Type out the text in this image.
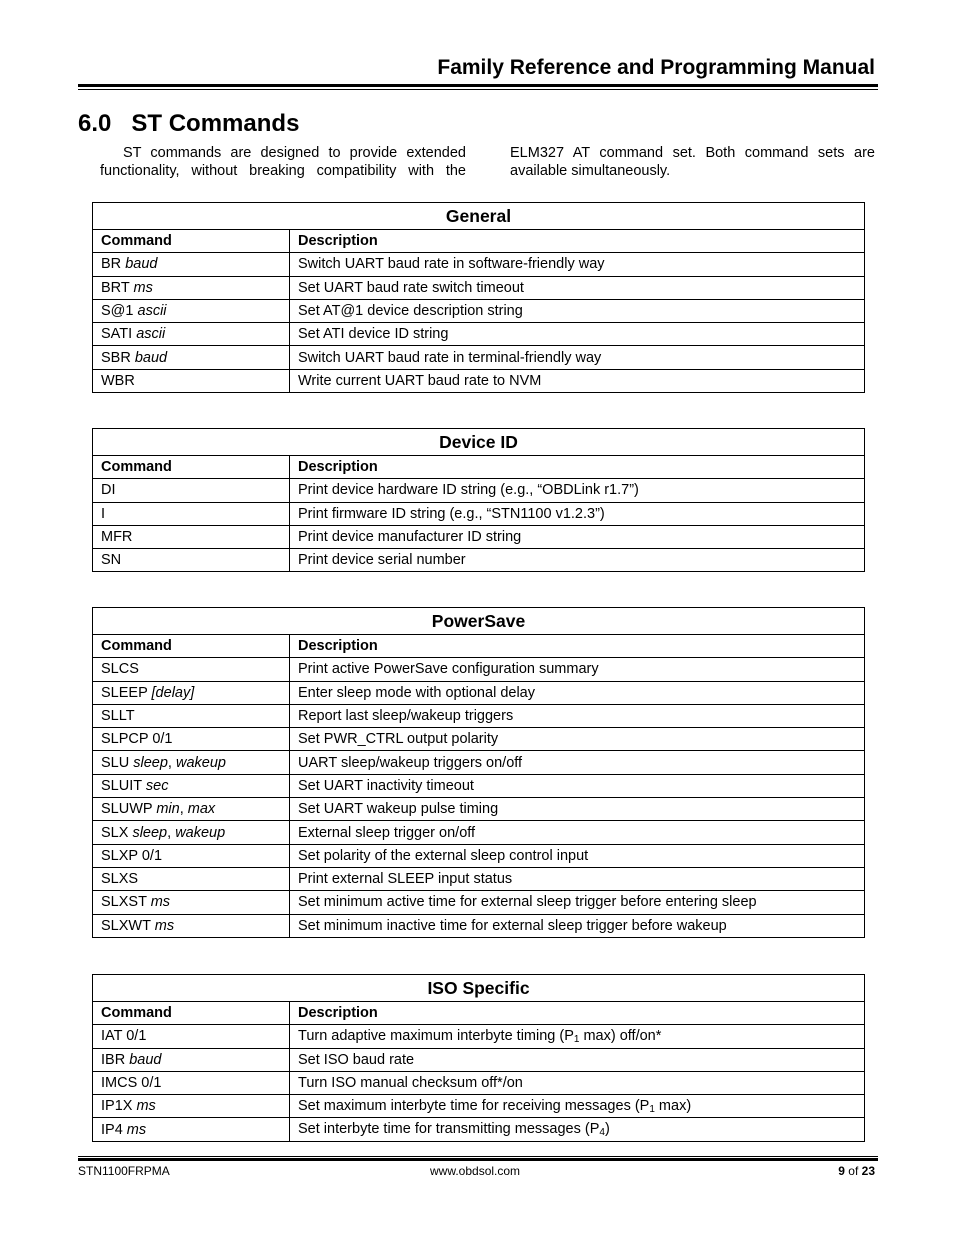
Family Reference and Programming Manual
6.0 ST Commands

ST commands are designed to provide extended

functionality, without breaking compatibility with the

ELM327 AT command set. Both command sets are

available simultaneously.

General	
Command	Description
BR baud	Switch UART baud rate in software-friendly way
BRT ms	Set UART baud rate switch timeout
S@1 ascii	Set AT@1 device description string
SATI ascii	Set ATI device ID string
SBR baud	Switch UART baud rate in terminal-friendly way
WBR	Write current UART baud rate to NVM
Device ID	
Command	Description
DI	Print device hardware ID string (e.g., “OBDLink r1.7”)
I	Print firmware ID string (e.g., “STN1100 v1.2.3”)
MFR	Print device manufacturer ID string
SN	Print device serial number
PowerSave	
Command	Description
SLCS	Print active PowerSave configuration summary
SLEEP [delay]	Enter sleep mode with optional delay
SLLT	Report last sleep/wakeup triggers
SLPCP 0/1	Set PWR_CTRL output polarity
SLU sleep, wakeup	UART sleep/wakeup triggers on/off
SLUIT sec	Set UART inactivity timeout
SLUWP min, max	Set UART wakeup pulse timing
SLX sleep, wakeup	External sleep trigger on/off
SLXP 0/1	Set polarity of the external sleep control input
SLXS	Print external SLEEP input status
SLXST ms	Set minimum active time for external sleep trigger before entering sleep
SLXWT ms	Set minimum inactive time for external sleep trigger before wakeup
ISO Specific	
Command	Description
IAT 0/1	Turn adaptive maximum interbyte timing ($P_1$ max) off/on*
IBR baud	Set ISO baud rate
IMCS 0/1	Turn ISO manual checksum off*/on
IP1X ms	Set maximum interbyte time for receiving messages ($P_1$ max)
IP4 ms	Set interbyte time for transmitting messages $(P_4)$
STN1100FRPMA	www.obdsol.com	9 of 23
